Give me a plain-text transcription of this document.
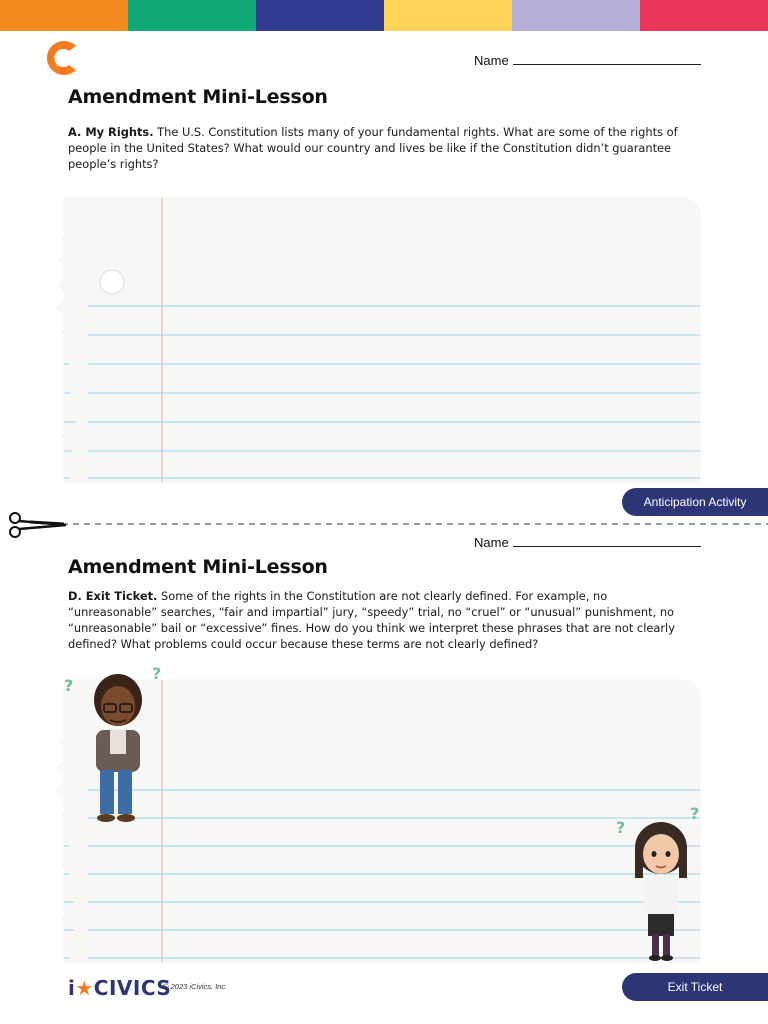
Name
Amendment Mini-Lesson
A. My Rights. The U.S. Constitution lists many of your fundamental rights. What are some of the rights of people in the United States? What would our country and lives be like if the Constitution didn’t guarantee people’s rights?
Anticipation Activity
Name
Amendment Mini-Lesson
D. Exit Ticket. Some of the rights in the Constitution are not clearly defined. For example, no “unreasonable” searches, “fair and impartial” jury, “speedy” trial, no “cruel” or “unusual” punishment, no “unreasonable” bail or “excessive” fines. How do you think we interpret these phrases that are not clearly defined? What problems could occur because these terms are not clearly defined?
?
?
?
?
Exit Ticket
i★CIVICS
© 2023 iCivics, Inc.
